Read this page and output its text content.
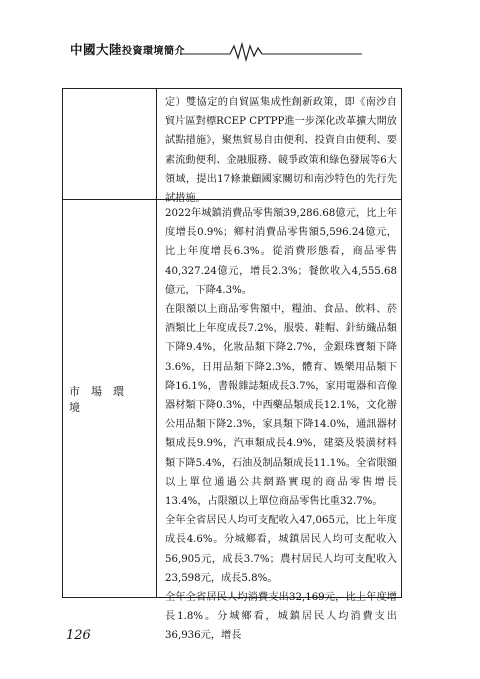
中國大陸投資環境簡介

定）雙協定的自貿區集成性創新政策，即《南沙自貿片區對標RCEP CPTPP進一步深化改革擴大開放試點措施》，聚焦貿易自由便利、投資自由便利、要素流動便利、金融服務、競爭政策和綠色發展等6大領域，提出17條兼顧國家關切和南沙特色的先行先試措施。

市場環境

2022年城鎮消費品零售額39,286.68億元，比上年度增長0.9%；鄉村消費品零售額5,596.24億元，比上年度增長6.3%。從消費形態看，商品零售40,327.24億元，增長2.3%；餐飲收入4,555.68億元，下降4.3%。

在限額以上商品零售額中，糧油、食品、飲料、菸酒類比上年度成長7.2%，服裝、鞋帽、針紡織品類下降9.4%，化妝品類下降2.7%，金銀珠寶類下降3.6%，日用品類下降2.3%，體育、娛樂用品類下降16.1%，書報雜誌類成長3.7%，家用電器和音像器材類下降0.3%，中西藥品類成長12.1%，文化辦公用品類下降2.3%，家具類下降14.0%，通訊器材類成長9.9%，汽車類成長4.9%，建築及裝潢材料類下降5.4%，石油及制品類成長11.1%。全省限額以上單位通過公共網路實現的商品零售增長13.4%，占限額以上單位商品零售比重32.7%。

全年全省居民人均可支配收入47,065元，比上年度成長4.6%。分城鄉看，城鎮居民人均可支配收入56,905元，成長3.7%；農村居民人均可支配收入23,598元，成長5.8%。

全年全省居民人均消費支出32,169元，比上年度增長1.8%。分城鄉看，城鎮居民人均消費支出36,936元，增長

126
